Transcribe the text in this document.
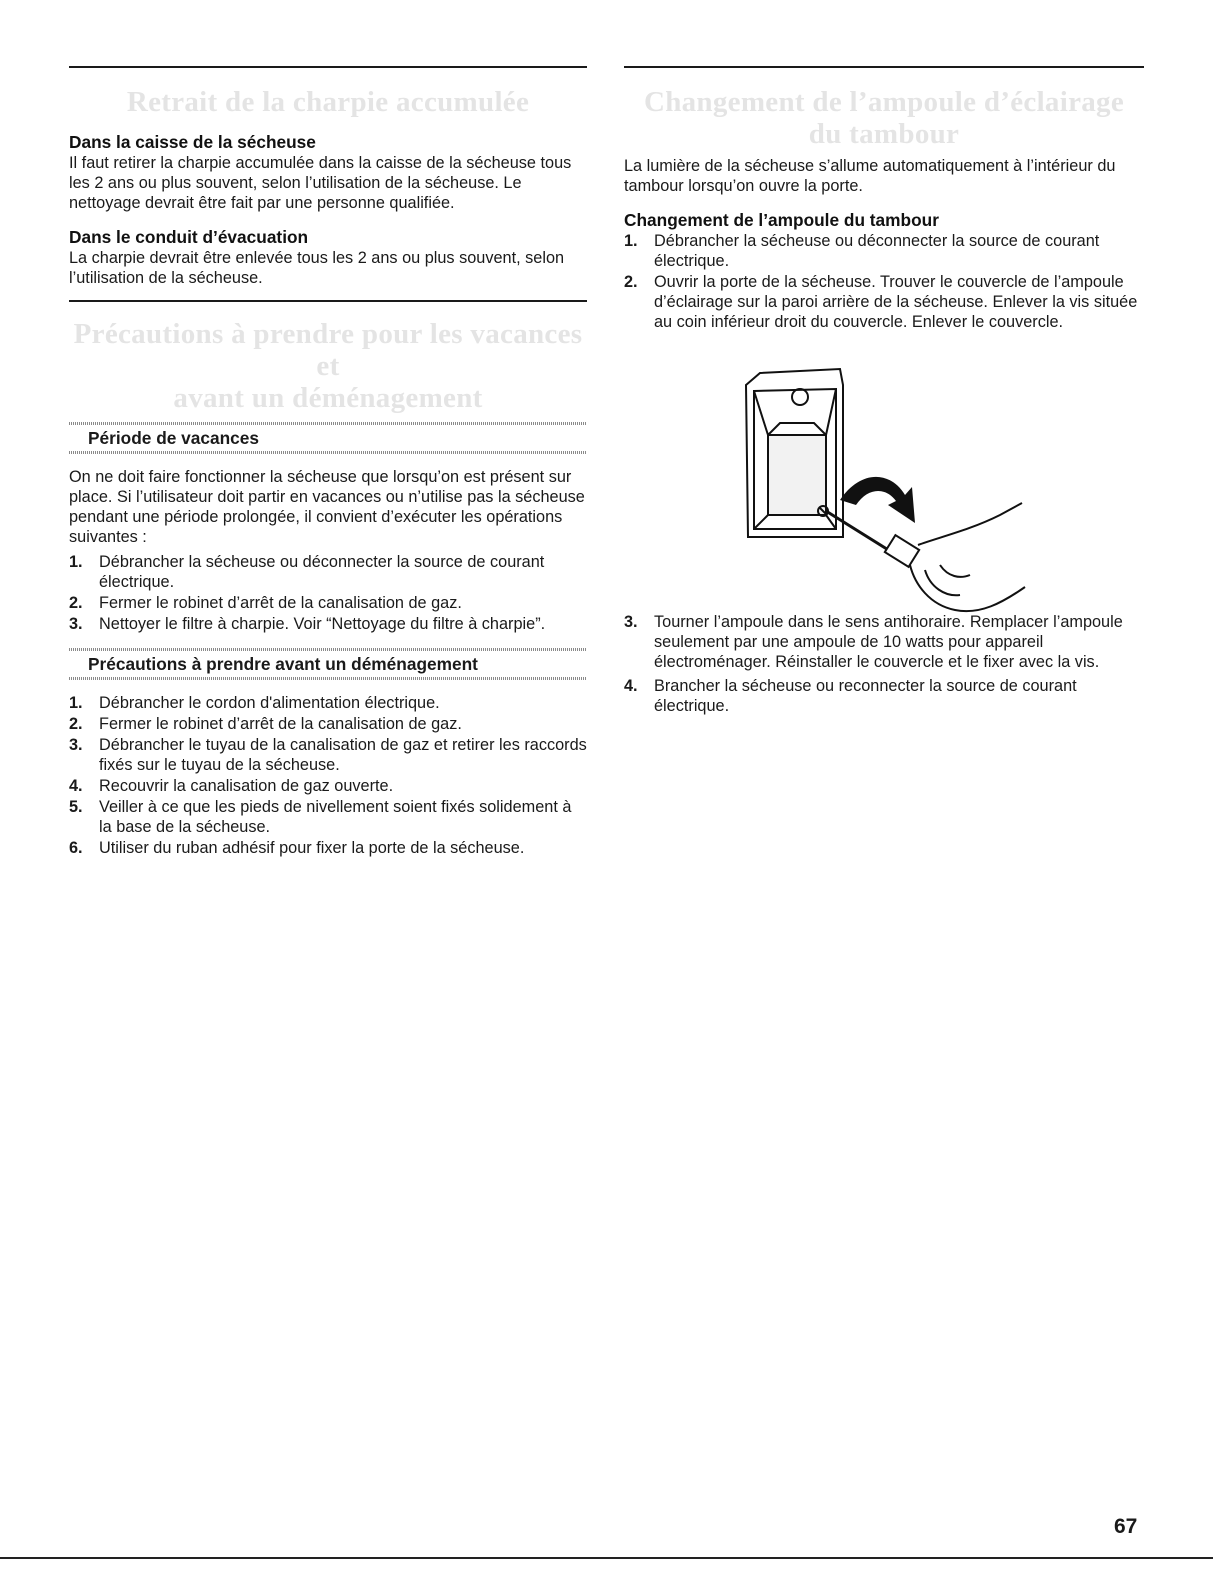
Retrait de la charpie accumulée
Dans la caisse de la sécheuse

Il faut retirer la charpie accumulée dans la caisse de la sécheuse tous les 2 ans ou plus souvent, selon l’utilisation de la sécheuse. Le nettoyage devrait être fait par une personne qualifiée.

Dans le conduit d’évacuation

La charpie devrait être enlevée tous les 2 ans ou plus souvent, selon l’utilisation de la sécheuse.

Précautions à prendre pour les vacances et
avant un déménagement
Période de vacances

On ne doit faire fonctionner la sécheuse que lorsqu’on est présent sur place. Si l’utilisateur doit partir en vacances ou n’utilise pas la sécheuse pendant une période prolongée, il convient d’exécuter les opérations suivantes :

1. Débrancher la sécheuse ou déconnecter la source de courant électrique.
2. Fermer le robinet d’arrêt de la canalisation de gaz.
3. Nettoyer le filtre à charpie. Voir “Nettoyage du filtre à charpie”.
Précautions à prendre avant un déménagement
1. Débrancher le cordon d'alimentation électrique.
2. Fermer le robinet d’arrêt de la canalisation de gaz.
3. Débrancher le tuyau de la canalisation de gaz et retirer les raccords fixés sur le tuyau de la sécheuse.
4. Recouvrir la canalisation de gaz ouverte.
5. Veiller à ce que les pieds de nivellement soient fixés solidement à la base de la sécheuse.
6. Utiliser du ruban adhésif pour fixer la porte de la sécheuse.
Changement de l’ampoule d’éclairage
du tambour

La lumière de la sécheuse s’allume automatiquement à l’intérieur du tambour lorsqu’on ouvre la porte.

Changement de l’ampoule du tambour
1. Débrancher la sécheuse ou déconnecter la source de courant électrique.
2. Ouvrir la porte de la sécheuse. Trouver le couvercle de l’ampoule d’éclairage sur la paroi arrière de la sécheuse. Enlever la vis située au coin inférieur droit du couvercle. Enlever le couvercle.
3. Tourner l’ampoule dans le sens antihoraire. Remplacer l’ampoule seulement par une ampoule de 10 watts pour appareil électroménager. Réinstaller le couvercle et le fixer avec la vis.
4. Brancher la sécheuse ou reconnecter la source de courant électrique.
67
